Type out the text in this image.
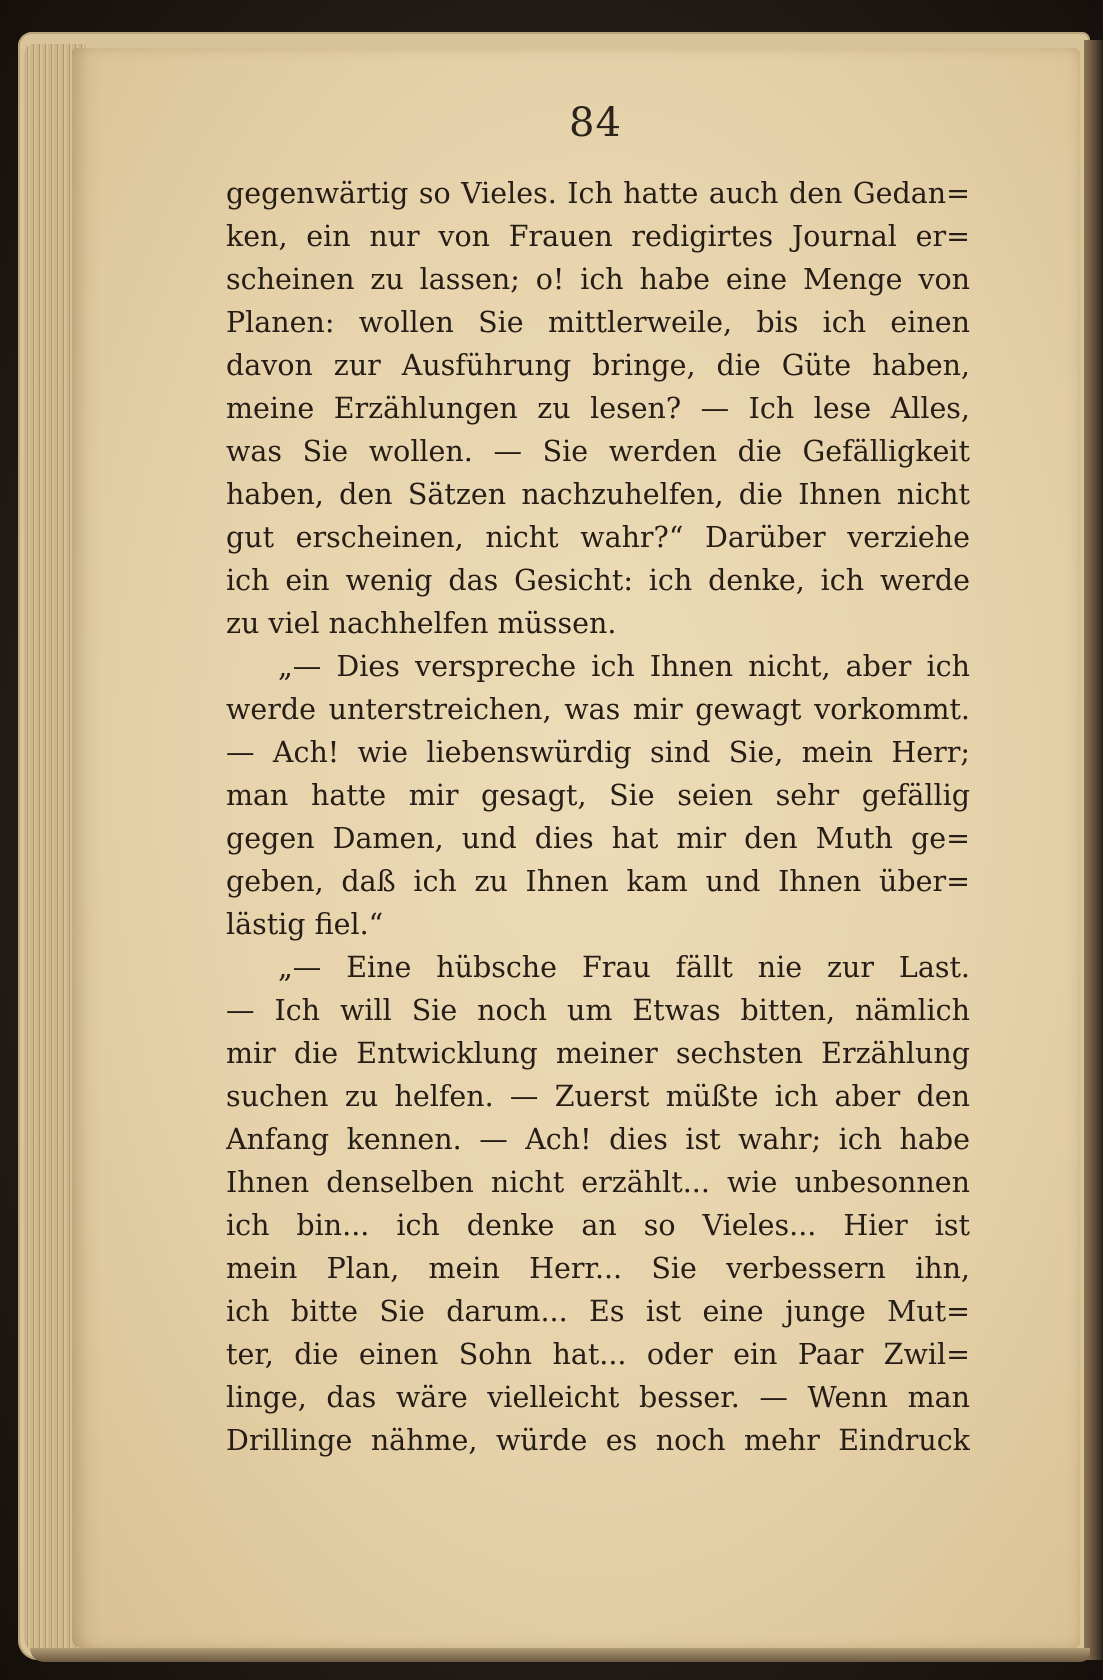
84
gegenwärtig so Vieles. Ich hatte auch den Gedan=
ken, ein nur von Frauen redigirtes Journal er=
scheinen zu lassen; o! ich habe eine Menge von
Planen: wollen Sie mittlerweile, bis ich einen
davon zur Ausführung bringe, die Güte haben,
meine Erzählungen zu lesen? — Ich lese Alles,
was Sie wollen. — Sie werden die Gefälligkeit
haben, den Sätzen nachzuhelfen, die Ihnen nicht
gut erscheinen, nicht wahr?“ Darüber verziehe
ich ein wenig das Gesicht: ich denke, ich werde
zu viel nachhelfen müssen.
„— Dies verspreche ich Ihnen nicht, aber ich
werde unterstreichen, was mir gewagt vorkommt.
— Ach! wie liebenswürdig sind Sie, mein Herr;
man hatte mir gesagt, Sie seien sehr gefällig
gegen Damen, und dies hat mir den Muth ge=
geben, daß ich zu Ihnen kam und Ihnen über=
lästig fiel.“
„— Eine hübsche Frau fällt nie zur Last.
— Ich will Sie noch um Etwas bitten, nämlich
mir die Entwicklung meiner sechsten Erzählung
suchen zu helfen. — Zuerst müßte ich aber den
Anfang kennen. — Ach! dies ist wahr; ich habe
Ihnen denselben nicht erzählt... wie unbesonnen
ich bin... ich denke an so Vieles... Hier ist
mein Plan, mein Herr... Sie verbessern ihn,
ich bitte Sie darum... Es ist eine junge Mut=
ter, die einen Sohn hat... oder ein Paar Zwil=
linge, das wäre vielleicht besser. — Wenn man
Drillinge nähme, würde es noch mehr Eindruck
